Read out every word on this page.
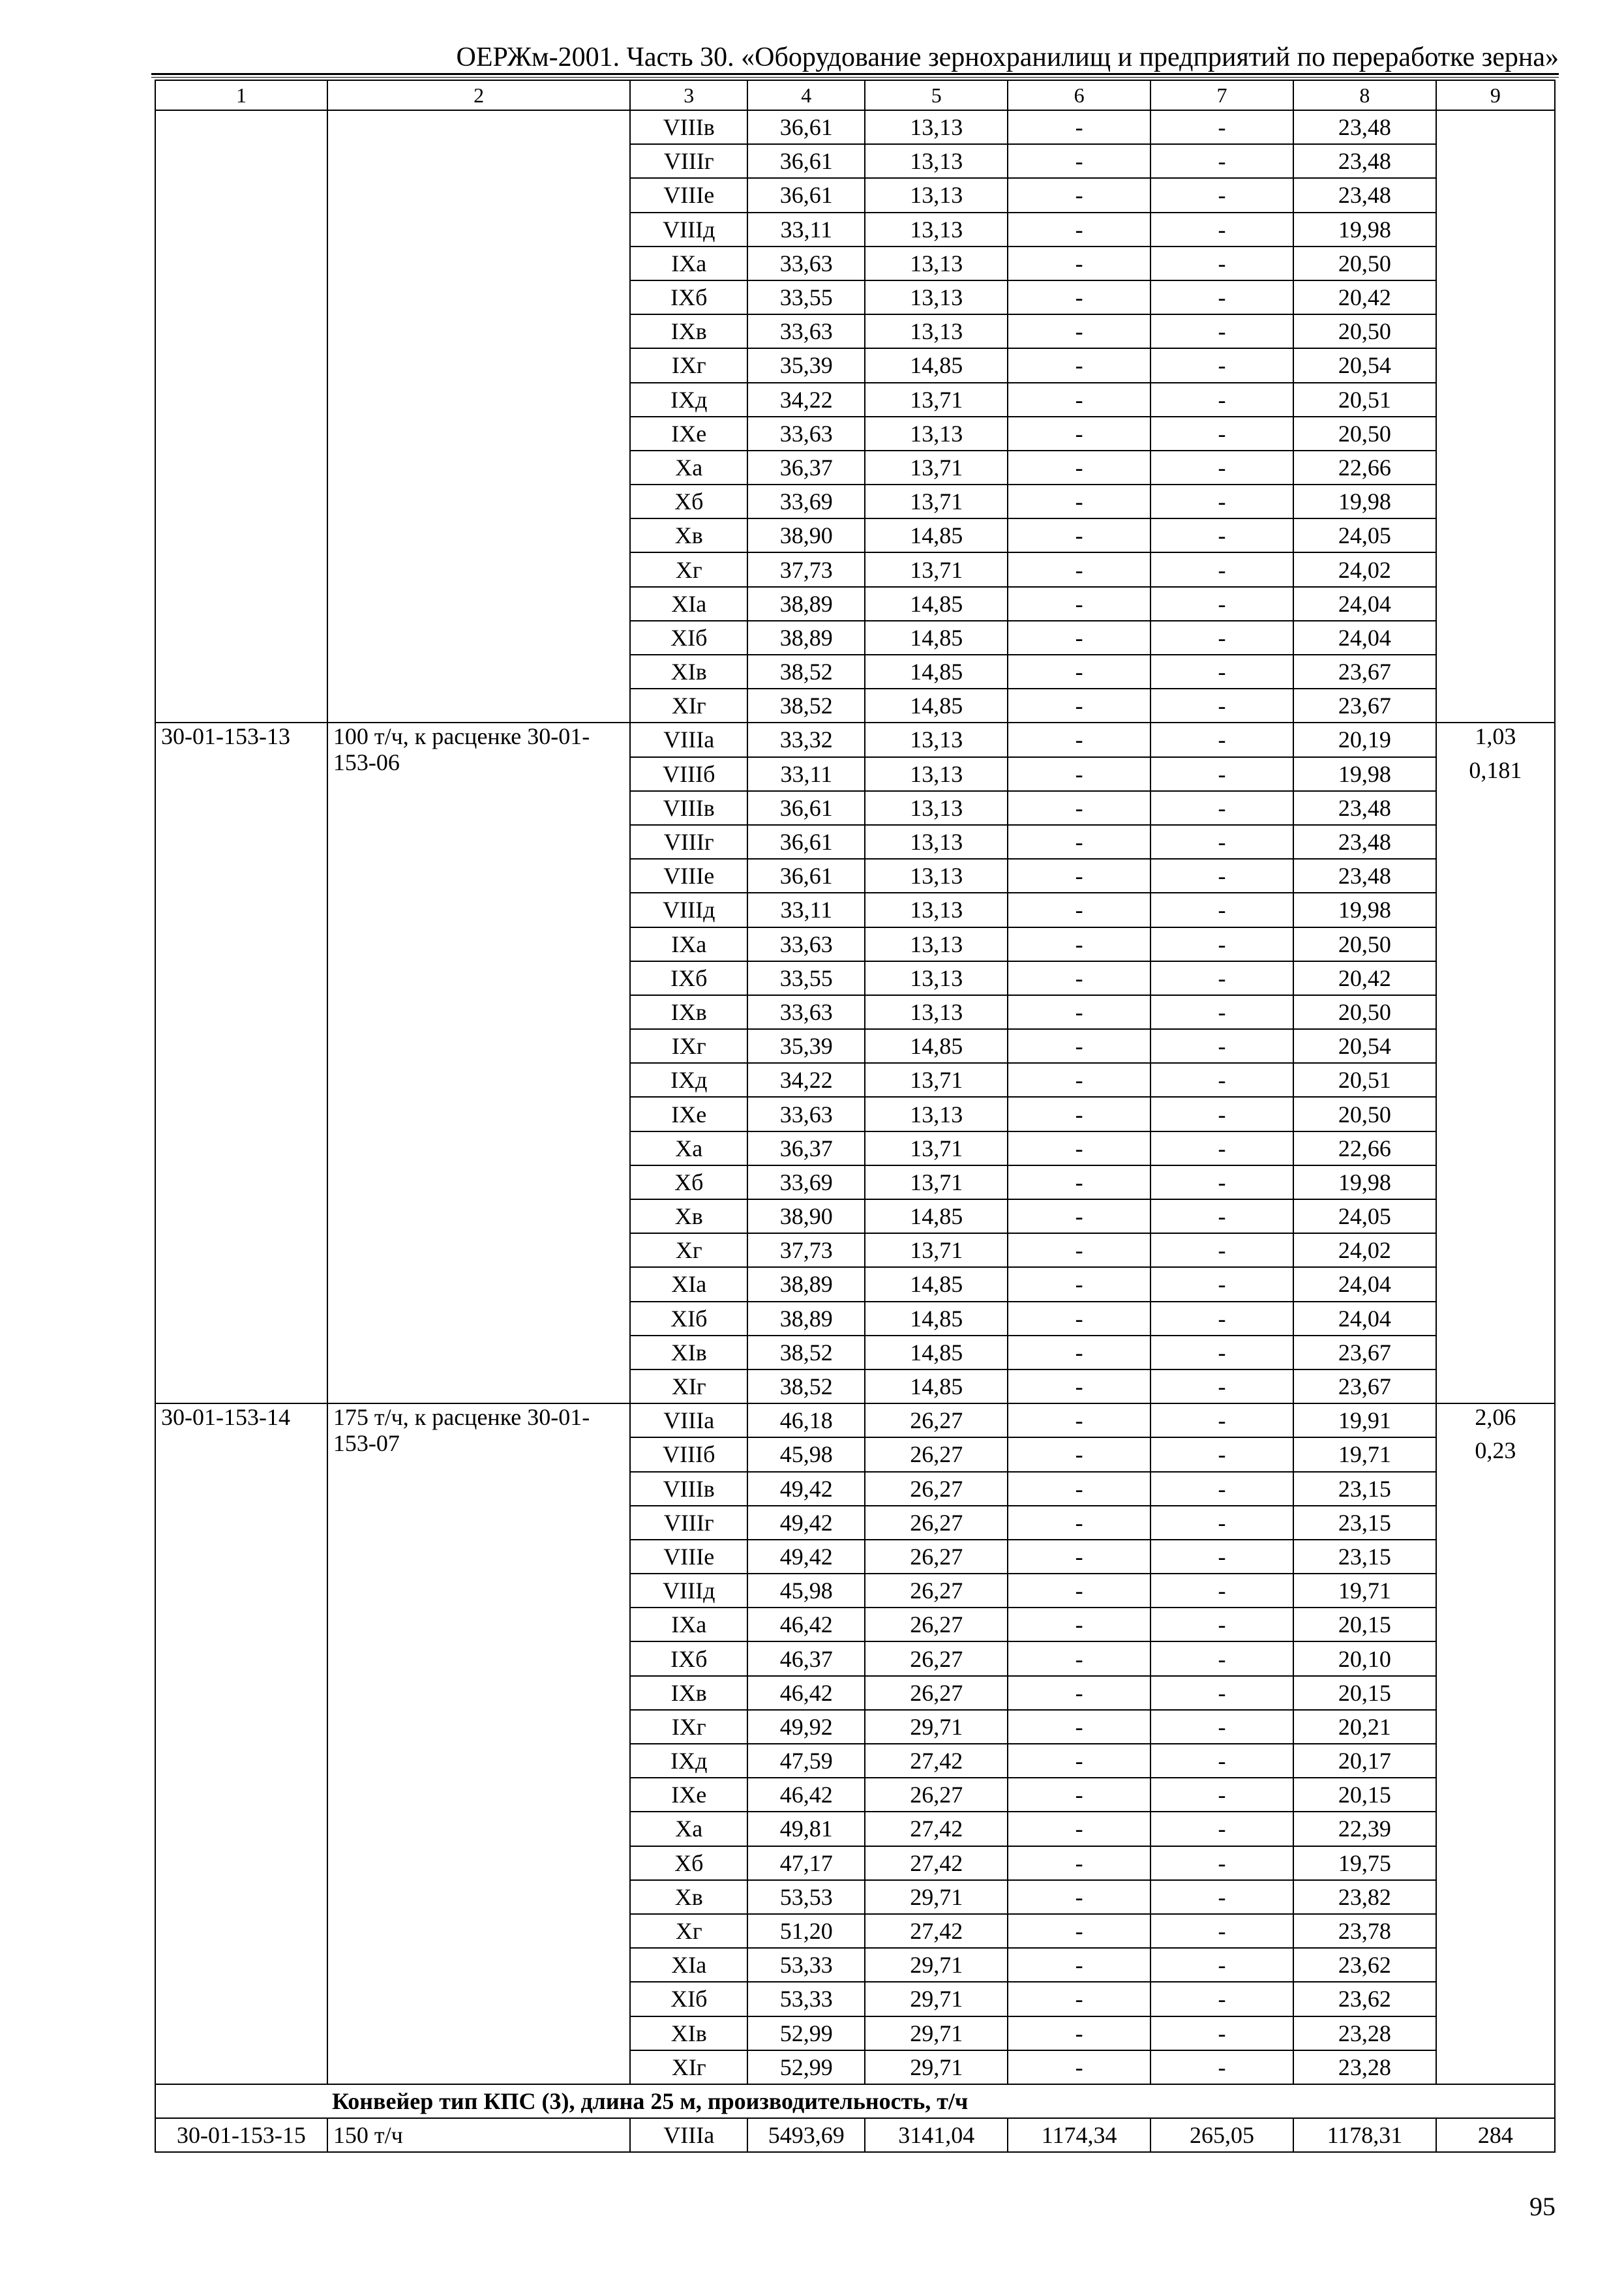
ОЕРЖм-2001. Часть 30. «Оборудование зернохранилищ и предприятий по переработке зерна»
1	2	3	4	5	6	7	8	9
		VIIIв	36,61	13,13	-	-	23,48	
		VIIIг	36,61	13,13	-	-	23,48	
		VIIIе	36,61	13,13	-	-	23,48	
		VIIIд	33,11	13,13	-	-	19,98	
		IXа	33,63	13,13	-	-	20,50	
		IXб	33,55	13,13	-	-	20,42	
		IXв	33,63	13,13	-	-	20,50	
		IXг	35,39	14,85	-	-	20,54	
		IXд	34,22	13,71	-	-	20,51	
		IXе	33,63	13,13	-	-	20,50	
		Xа	36,37	13,71	-	-	22,66	
		Xб	33,69	13,71	-	-	19,98	
		Xв	38,90	14,85	-	-	24,05	
		Xг	37,73	13,71	-	-	24,02	
		XIа	38,89	14,85	-	-	24,04	
		XIб	38,89	14,85	-	-	24,04	
		XIв	38,52	14,85	-	-	23,67	
		XIг	38,52	14,85	-	-	23,67	
30-01-153-13	100 т/ч, к расценке 30-01-153-06	VIIIа	33,32	13,13	-	-	20,19	1,03
		VIIIб	33,11	13,13	-	-	19,98	0,181
		VIIIв	36,61	13,13	-	-	23,48	
		VIIIг	36,61	13,13	-	-	23,48	
		VIIIе	36,61	13,13	-	-	23,48	
		VIIIд	33,11	13,13	-	-	19,98	
		IXа	33,63	13,13	-	-	20,50	
		IXб	33,55	13,13	-	-	20,42	
		IXв	33,63	13,13	-	-	20,50	
		IXг	35,39	14,85	-	-	20,54	
		IXд	34,22	13,71	-	-	20,51	
		IXе	33,63	13,13	-	-	20,50	
		Xа	36,37	13,71	-	-	22,66	
		Xб	33,69	13,71	-	-	19,98	
		Xв	38,90	14,85	-	-	24,05	
		Xг	37,73	13,71	-	-	24,02	
		XIа	38,89	14,85	-	-	24,04	
		XIб	38,89	14,85	-	-	24,04	
		XIв	38,52	14,85	-	-	23,67	
		XIг	38,52	14,85	-	-	23,67	
30-01-153-14	175 т/ч, к расценке 30-01-153-07	VIIIа	46,18	26,27	-	-	19,91	2,06
		VIIIб	45,98	26,27	-	-	19,71	0,23
		VIIIв	49,42	26,27	-	-	23,15	
		VIIIг	49,42	26,27	-	-	23,15	
		VIIIе	49,42	26,27	-	-	23,15	
		VIIIд	45,98	26,27	-	-	19,71	
		IXа	46,42	26,27	-	-	20,15	
		IXб	46,37	26,27	-	-	20,10	
		IXв	46,42	26,27	-	-	20,15	
		IXг	49,92	29,71	-	-	20,21	
		IXд	47,59	27,42	-	-	20,17	
		IXе	46,42	26,27	-	-	20,15	
		Xа	49,81	27,42	-	-	22,39	
		Xб	47,17	27,42	-	-	19,75	
		Xв	53,53	29,71	-	-	23,82	
		Xг	51,20	27,42	-	-	23,78	
		XIа	53,33	29,71	-	-	23,62	
		XIб	53,33	29,71	-	-	23,62	
		XIв	52,99	29,71	-	-	23,28	
		XIг	52,99	29,71	-	-	23,28	
Конвейер тип КПС (3), длина 25 м, производительность, т/ч								
30-01-153-15	150 т/ч	VIIIа	5493,69	3141,04	1174,34	265,05	1178,31	284
95
